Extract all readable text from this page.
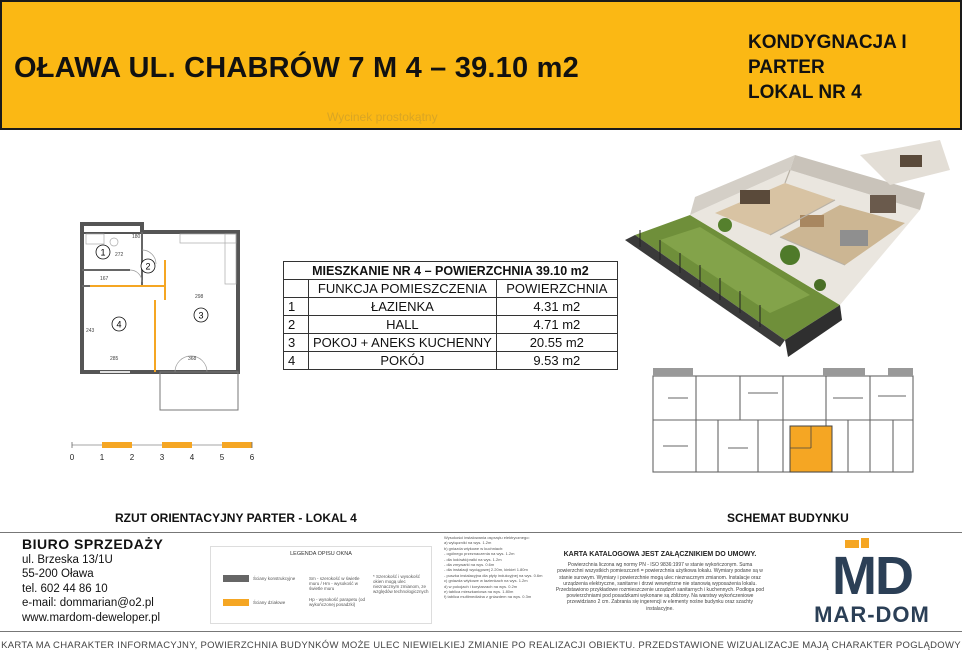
OŁAWA UL. CHABRÓW 7 M 4 – 39.10 m2
KONDYGNACJA I
PARTER
LOKAL NR 4
Wycinek prostokątny
180
272
167
298
243
285	368
1
2
3
4
MIESZKANIE NR 4 – POWIERZCHNIA 39.10 m2		
	FUNKCJA POMIESZCZENIA	POWIERZCHNIA
1	ŁAZIENKA	4.31 m2
2	HALL	4.71 m2
3	POKOJ + ANEKS KUCHENNY	20.55 m2
4	POKÓJ	9.53 m2
0	1	2	3	4	5	6
RZUT ORIENTACYJNY PARTER - LOKAL 4	SCHEMAT BUDYNKU
BIURO SPRZEDAŻY
ul. Brzeska 13/1U
55-200 Oława
tel. 602 44 86 10
e-mail: dommarian@o2.pl
www.mardom-deweloper.pl
LEGENDA OPISU OKNA
Ściany konstrukcyjne
Ściany działowe
Sm - szerokość w świetle muru / Hm - wysokość w świetle muru
Hp - wysokość parapetu (od wykończonej posadzki)
* Szerokość i wysokość okien mogą ulec nieznacznym zmianom, ze względów technologicznych
Wysokości instalowania osprzętu elektrycznego:
a) wyłączniki na wys. 1.2m
b) gniazda wtykowe w kuchniach:
- ogólnego przeznaczenia na wys. 1.2m
- dla lodówki/pralki na wys. 1.2m
- dla zmywarki na wys. 0.6m
- dla instalacji wyciągowej 2.20m, kinkiet 1.80m
- puszka instalacyjna dla płyty indukcyjnej na wys. 0.6m
c) gniazda wtykowe w łazienkach na wys. 1.2m
d) w pokojach i korytarzach na wys. 0.2m
e) tablica mieszkaniowa na wys. 1.80m
f) tablica multimedialna z gniazdem na wys. 0.3m
KARTA KATALOGOWA JEST ZAŁĄCZNIKIEM DO UMOWY.
Powierzchnia liczona wg normy PN - ISO 9836:1997 w stanie wykończonym. Suma powierzchni wszystkich pomieszczeń = powierzchnia użytkowa lokalu. Wymiary podane są w stanie surowym. Wymiary i powierzchnie mogą ulec nieznacznym zmianom. Instalacje oraz urządzenia elektryczne, sanitarne i drzwi wewnętrzne nie stanowią wyposażenia lokalu. Przedstawiono przykładowe rozmieszczenie urządzeń sanitarnych i kuchennych. Podłoga pod powierzchniami pod posadzkami wykonane są zbliżony. Na warstwy wykończeniowe przewidziano 2 cm. Zabrania się ingerencji w elementy nośne budynku oraz szachty instalacyjne.
MD
MAR-DOM
KARTA MA CHARAKTER INFORMACYJNY, POWIERZCHNIA BUDYNKÓW MOŻE ULEC NIEWIELKIEJ ZMIANIE PO REALIZACJI OBIEKTU. PRZEDSTAWIONE WIZUALIZACJE MAJĄ CHARAKTER POGLĄDOWY
